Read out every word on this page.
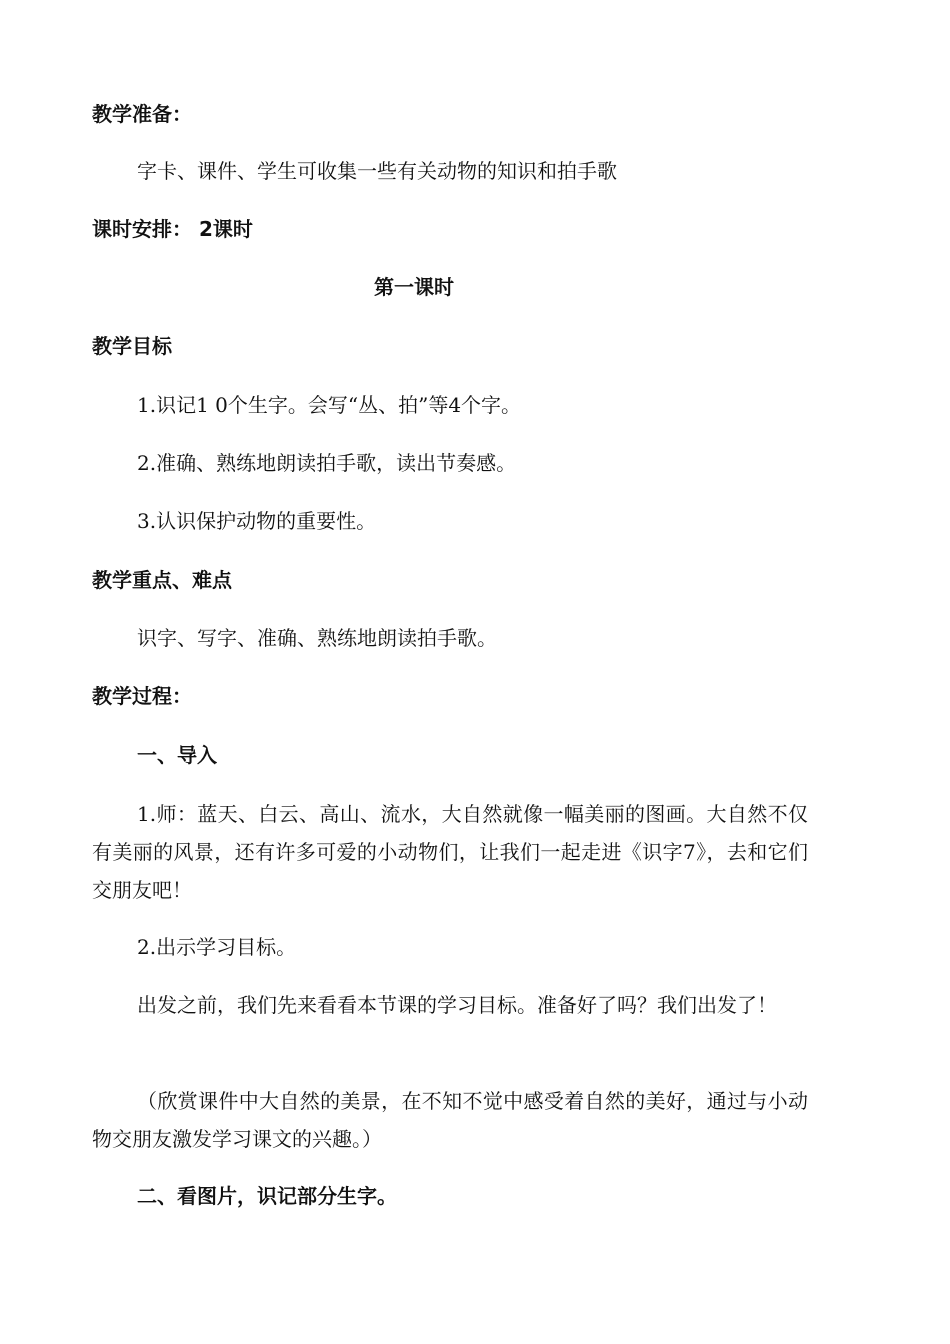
教学准备：
字卡、课件、学生可收集一些有关动物的知识和拍手歌
课时安排： 2课时
第一课时
教学目标
1.识记1 0个生字。会写“丛、拍”等4个字。
2.准确、熟练地朗读拍手歌，读出节奏感。
3.认识保护动物的重要性。
教学重点、难点
识字、写字、准确、熟练地朗读拍手歌。
教学过程：
一、导入
1.师：蓝天、白云、高山、流水，大自然就像一幅美丽的图画。大自然不仅有美丽的风景，还有许多可爱的小动物们，让我们一起走进《识字7》，去和它们交朋友吧！
2.出示学习目标。
出发之前，我们先来看看本节课的学习目标。准备好了吗？我们出发了！
（欣赏课件中大自然的美景，在不知不觉中感受着自然的美好，通过与小动物交朋友激发学习课文的兴趣。）
二、看图片，识记部分生字。
